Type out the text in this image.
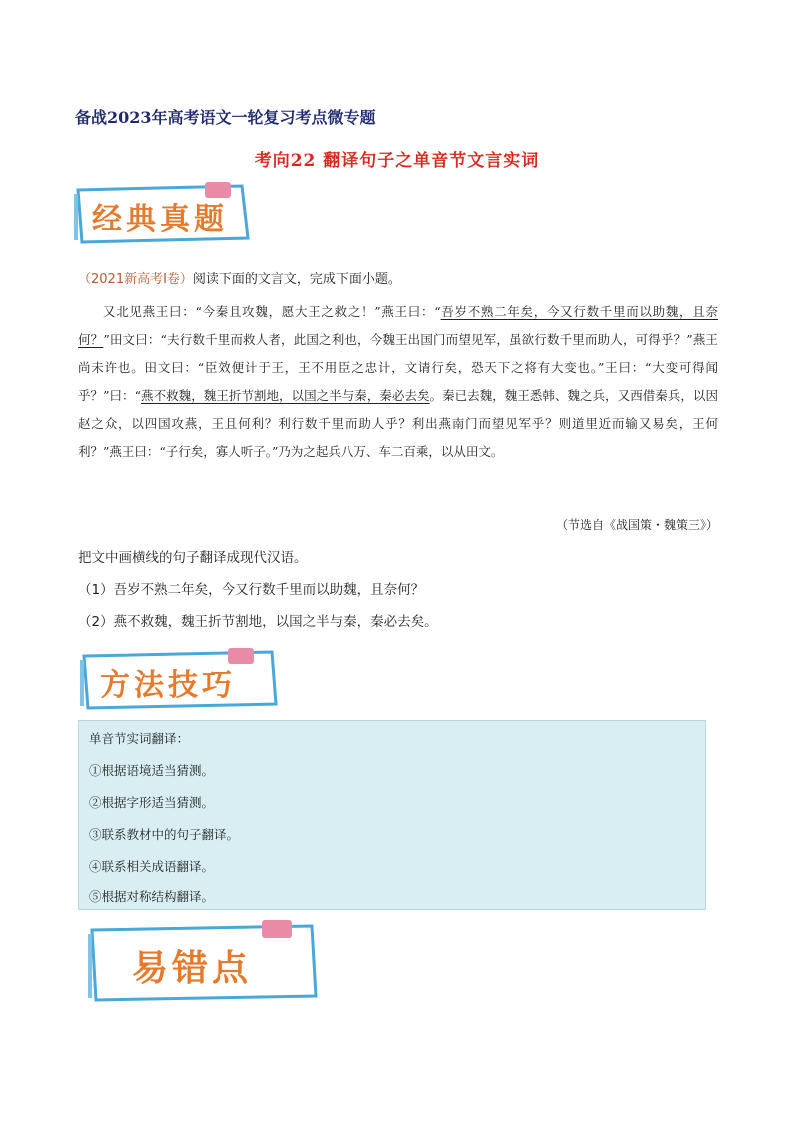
备战2023年高考语文一轮复习考点微专题
考向22 翻译句子之单音节文言实词
经典真题
（2021新高考Ⅰ卷）阅读下面的文言文，完成下面小题。
又北见燕王曰：“今秦且攻魏，愿大王之救之！”燕王曰：“吾岁不熟二年矣，今又行数千里而以助魏，且奈何？”田文曰：“夫行数千里而救人者，此国之利也，今魏王出国门而望见军，虽欲行数千里而助人，可得乎？”燕王尚未许也。田文曰：“臣效便计于王，王不用臣之忠计，文请行矣，恐天下之将有大变也。”王曰：“大变可得闻乎？”曰：“燕不救魏，魏王折节割地，以国之半与秦，秦必去矣。秦已去魏，魏王悉韩、魏之兵，又西借秦兵，以因赵之众，以四国攻燕，王且何利？利行数千里而助人乎？利出燕南门而望见军乎？则道里近而输又易矣，王何利？”燕王曰：“子行矣，寡人听子。”乃为之起兵八万、车二百乘，以从田文。
（节选自《战国策・魏策三》）
把文中画横线的句子翻译成现代汉语。
（1）吾岁不熟二年矣，今又行数千里而以助魏，且奈何？
（2）燕不救魏，魏王折节割地，以国之半与秦，秦必去矣。
方法技巧
单音节实词翻译：
①根据语境适当猜测。
②根据字形适当猜测。
③联系教材中的句子翻译。
④联系相关成语翻译。
⑤根据对称结构翻译。
易错点
